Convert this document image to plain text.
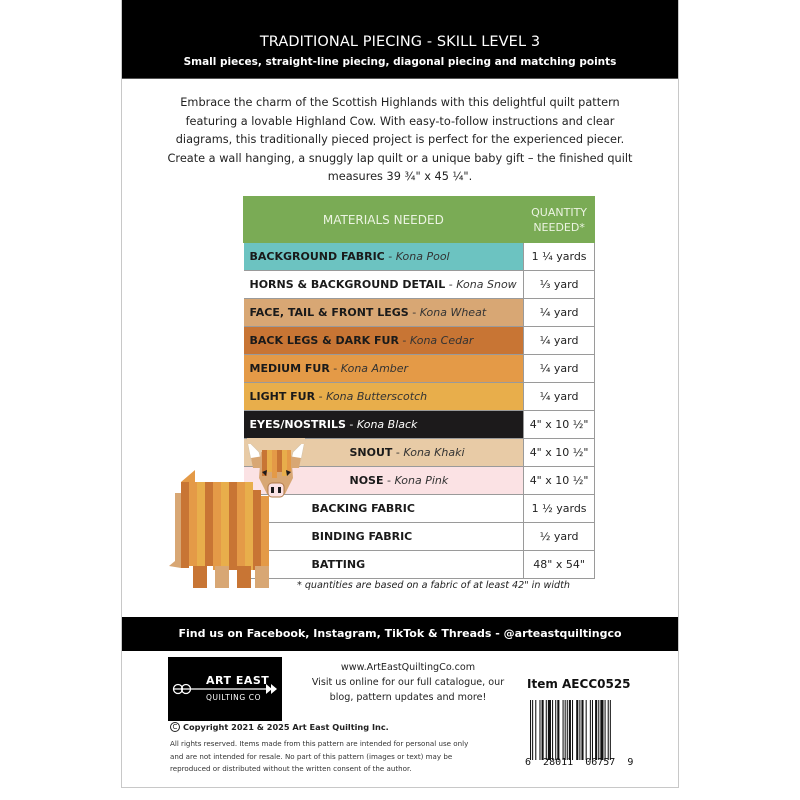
TRADITIONAL PIECING - SKILL LEVEL 3
Small pieces, straight-line piecing, diagonal piecing and matching points

Embrace the charm of the Scottish Highlands with this delightful quilt pattern featuring a lovable Highland Cow. With easy-to-follow instructions and clear diagrams, this traditionally pieced project is perfect for the experienced piecer. Create a wall hanging, a snuggly lap quilt or a unique baby gift – the finished quilt measures 39 ¾" x 45 ¼".

MATERIALS NEEDED	QUANTITY NEEDED*
BACKGROUND FABRIC - Kona Pool	1 ¼ yards
HORNS & BACKGROUND DETAIL - Kona Snow	⅓ yard
FACE, TAIL & FRONT LEGS - Kona Wheat	¼ yard
BACK LEGS & DARK FUR - Kona Cedar	¼ yard
MEDIUM FUR - Kona Amber	¼ yard
LIGHT FUR - Kona Butterscotch	¼ yard
EYES/NOSTRILS - Kona Black	4" x 10 ½"
SNOUT - Kona Khaki	4" x 10 ½"
NOSE - Kona Pink	4" x 10 ½"
BACKING FABRIC	1 ½ yards
BINDING FABRIC	½ yard
BATTING	48" x 54"
* quantities are based on a fabric of at least 42" in width
Find us on Facebook, Instagram, TikTok & Threads - @arteastquiltingco
ART EAST
QUILTING CO
www.ArtEastQuiltingCo.com
Visit us online for our full catalogue, our
blog, pattern updates and more!
C Copyright 2021 & 2025 Art East Quilting Inc.
All rights reserved. Items made from this pattern are intended for personal use only and are not intended for resale. No part of this pattern (images or text) may be reproduced or distributed without the written consent of the author.
Item AECC0525
6  28011  06757  9
